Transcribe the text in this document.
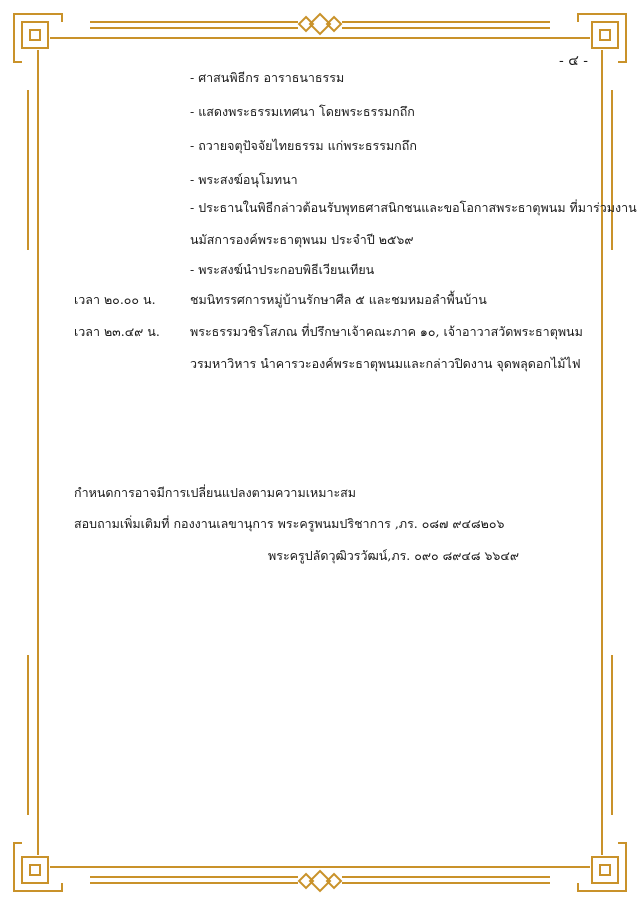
- ๔ -
- ศาสนพิธีกร อาราธนาธรรม
- แสดงพระธรรมเทศนา โดยพระธรรมกถึก
- ถวายจตุปัจจัยไทยธรรม แก่พระธรรมกถึก
- พระสงฆ์อนุโมทนา
- ประธานในพิธีกล่าวต้อนรับพุทธศาสนิกชนและขอโอกาสพระธาตุพนม ที่มาร่วมงาน
นมัสการองค์พระธาตุพนม ประจำปี ๒๕๖๙
- พระสงฆ์นำประกอบพิธีเวียนเทียน
เวลา ๒๐.๐๐ น.	ชมนิทรรศการหมู่บ้านรักษาศีล ๕ และชมหมอลำพื้นบ้าน
เวลา ๒๓.๔๙ น. พระธรรมวชิรโสภณ ที่ปรึกษาเจ้าคณะภาค ๑๐, เจ้าอาวาสวัดพระธาตุพนม
วรมหาวิหาร นำคารวะองค์พระธาตุพนมและกล่าวปิดงาน จุดพลุดอกไม้ไฟ
กำหนดการอาจมีการเปลี่ยนแปลงตามความเหมาะสม
สอบถามเพิ่มเติมที่ กองงานเลขานุการ พระครูพนมปริชาการ ,ภร. ๐๘๗ ๙๔๘๒๐๖
พระครูปลัดวุฒิวรวัฒน์,ภร. ๐๙๐ ๘๙๔๘ ๖๖๔๙
